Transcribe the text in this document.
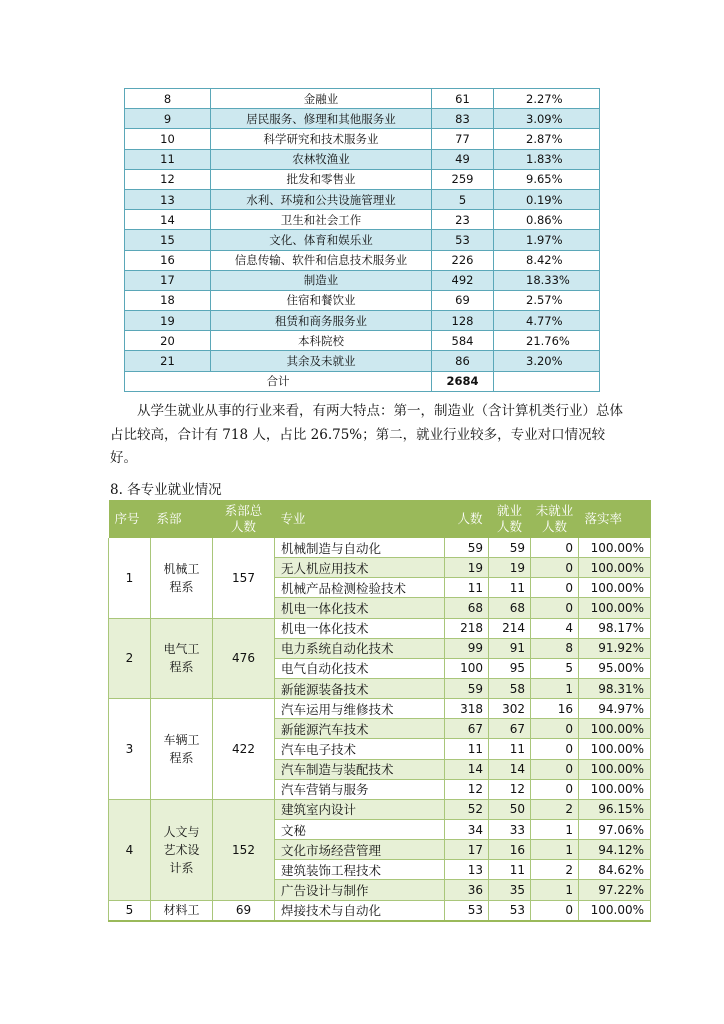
8	金融业	61	2.27%
9	居民服务、修理和其他服务业	83	3.09%
10	科学研究和技术服务业	77	2.87%
11	农林牧渔业	49	1.83%
12	批发和零售业	259	9.65%
13	水利、环境和公共设施管理业	5	0.19%
14	卫生和社会工作	23	0.86%
15	文化、体育和娱乐业	53	1.97%
16	信息传输、软件和信息技术服务业	226	8.42%
17	制造业	492	18.33%
18	住宿和餐饮业	69	2.57%
19	租赁和商务服务业	128	4.77%
20	本科院校	584	21.76%
21	其余及未就业	86	3.20%
合计		2684	

从学生就业从事的行业来看，有两大特点：第一，制造业（含计算机类行业）总体占比较高，合计有 718 人，占比 26.75%；第二，就业行业较多，专业对口情况较好。

8. 各专业就业情况
序号	系部	系部总人数	专业	人数	就业人数	未就业人数	落实率
1	机械工程系	157	机械制造与自动化	59	59	0	100.00%
			无人机应用技术	19	19	0	100.00%
			机械产品检测检验技术	11	11	0	100.00%
			机电一体化技术	68	68	0	100.00%
2	电气工程系	476	机电一体化技术	218	214	4	98.17%
			电力系统自动化技术	99	91	8	91.92%
			电气自动化技术	100	95	5	95.00%
			新能源装备技术	59	58	1	98.31%
3	车辆工程系	422	汽车运用与维修技术	318	302	16	94.97%
			新能源汽车技术	67	67	0	100.00%
			汽车电子技术	11	11	0	100.00%
			汽车制造与装配技术	14	14	0	100.00%
			汽车营销与服务	12	12	0	100.00%
4	人文与艺术设计系	152	建筑室内设计	52	50	2	96.15%
			文秘	34	33	1	97.06%
			文化市场经营管理	17	16	1	94.12%
			建筑装饰工程技术	13	11	2	84.62%
			广告设计与制作	36	35	1	97.22%
5	材料工	69	焊接技术与自动化	53	53	0	100.00%
